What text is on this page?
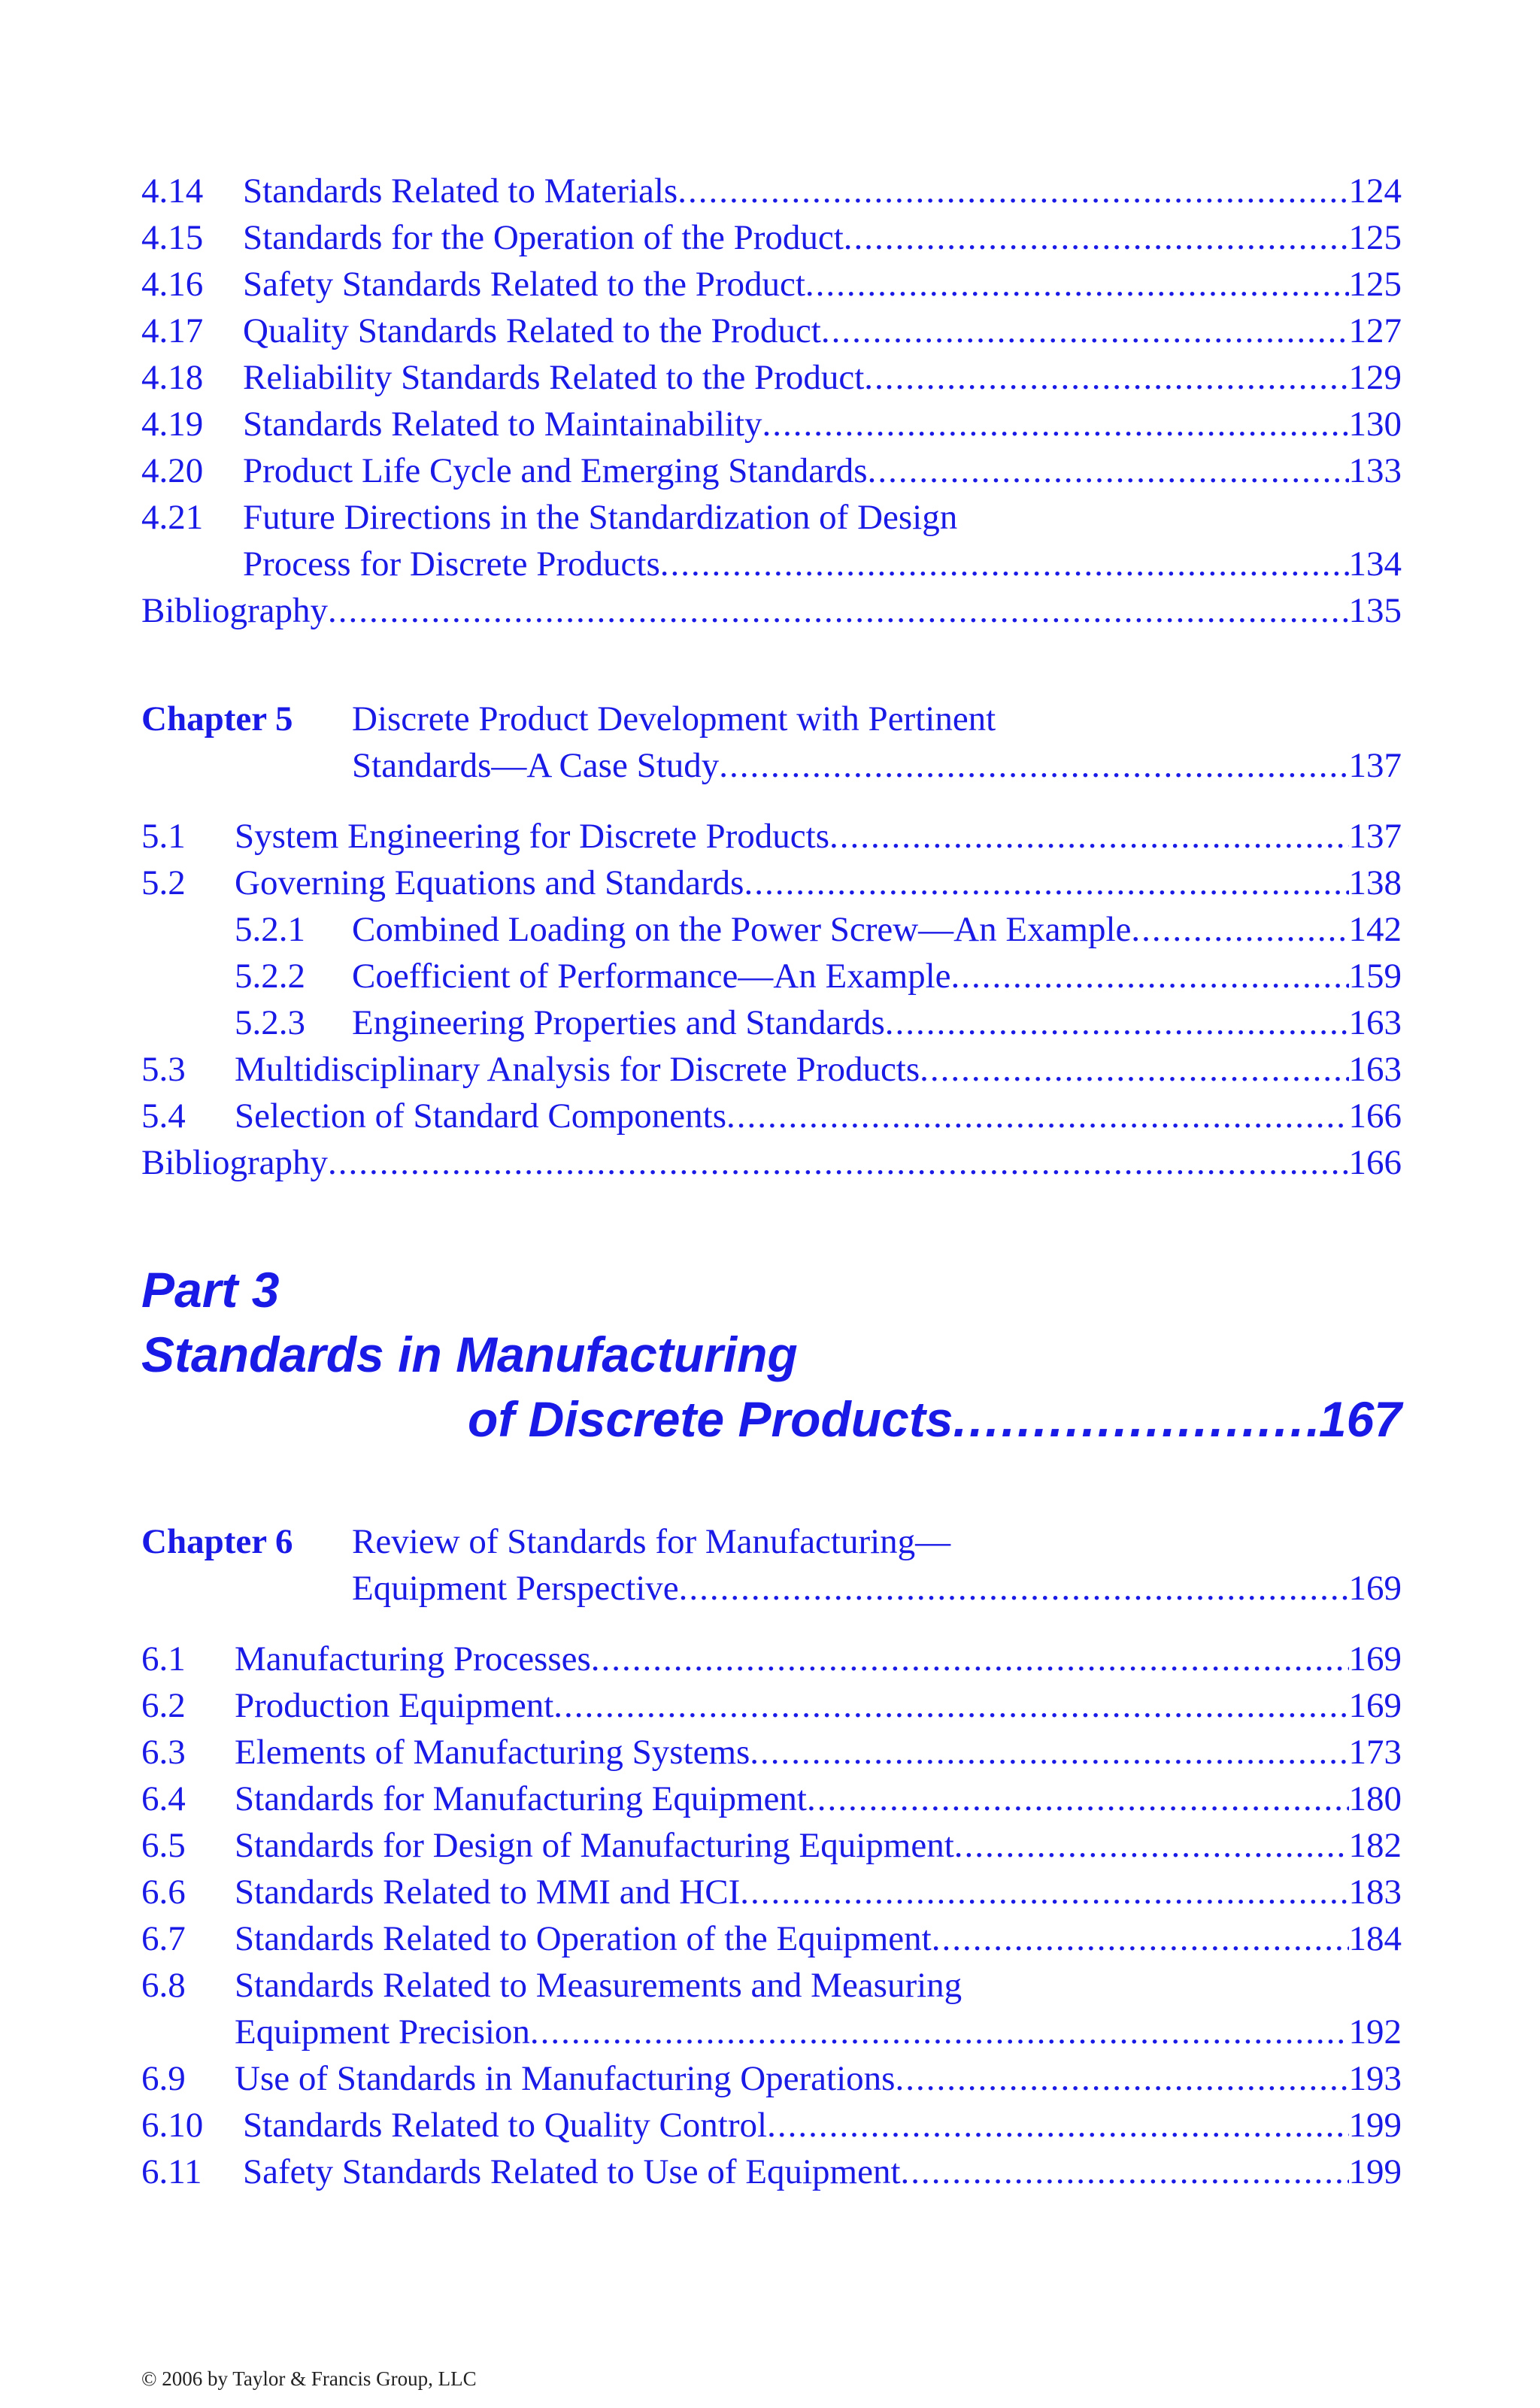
4.14	Standards Related to Materials .....	124
4.15	Standards for the Operation of the Product .....	125
4.16	Safety Standards Related to the Product .....	125
4.17	Quality Standards Related to the Product .....	127
4.18	Reliability Standards Related to the Product .....	129
4.19	Standards Related to Maintainability .....	130
4.20	Product Life Cycle and Emerging Standards .....	133
4.21	Future Directions in the Standardization of Design
Process for Discrete Products .....	134
Bibliography .....	135
Chapter 5	Discrete Product Development with Pertinent
Standards—A Case Study .....	137
5.1	System Engineering for Discrete Products .....	137
5.2	Governing Equations and Standards .....	138
5.2.1	Combined Loading on the Power Screw—An Example .....	142
5.2.2	Coefficient of Performance—An Example .....	159
5.2.3	Engineering Properties and Standards .....	163
5.3	Multidisciplinary Analysis for Discrete Products .....	163
5.4	Selection of Standard Components .....	166
Bibliography .....	166
Part 3
Standards in Manufacturing
of Discrete Products .....	167
Chapter 6	Review of Standards for Manufacturing—
Equipment Perspective .....	169
6.1	Manufacturing Processes .....	169
6.2	Production Equipment .....	169
6.3	Elements of Manufacturing Systems .....	173
6.4	Standards for Manufacturing Equipment .....	180
6.5	Standards for Design of Manufacturing Equipment .....	182
6.6	Standards Related to MMI and HCI .....	183
6.7	Standards Related to Operation of the Equipment .....	184
6.8	Standards Related to Measurements and Measuring
Equipment Precision .....	192
6.9	Use of Standards in Manufacturing Operations .....	193
6.10	Standards Related to Quality Control .....	199
6.11	Safety Standards Related to Use of Equipment .....	199
© 2006 by Taylor & Francis Group, LLC
